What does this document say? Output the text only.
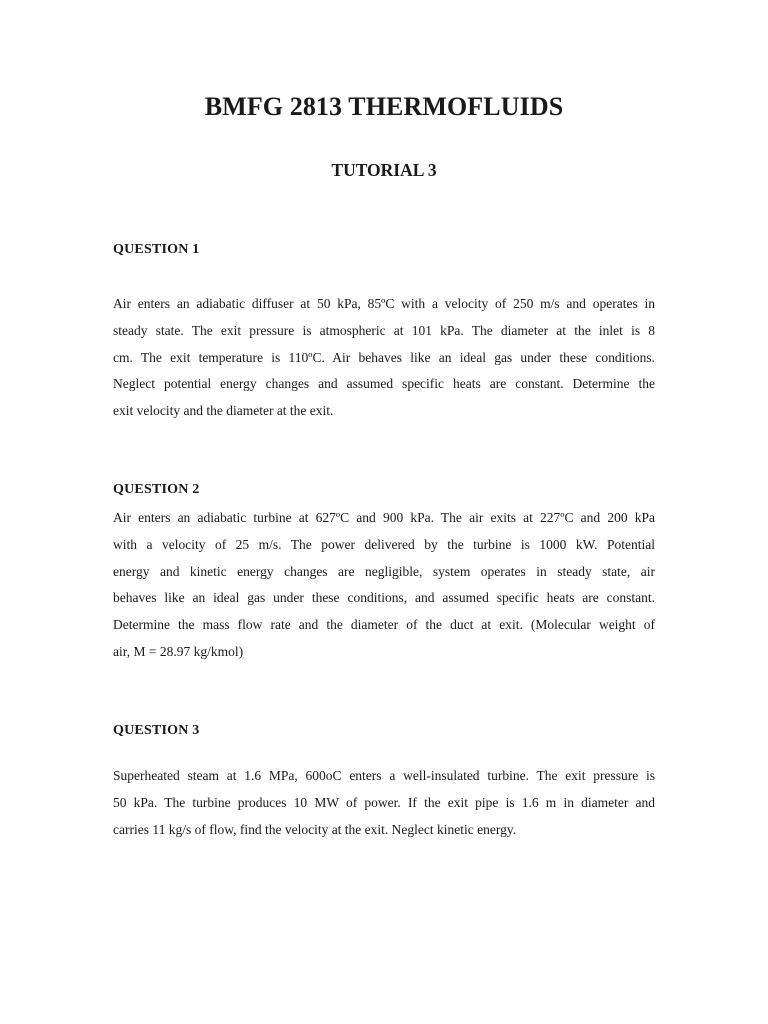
BMFG 2813 THERMOFLUIDS
TUTORIAL 3
QUESTION 1

Air enters an adiabatic diffuser at 50 kPa, 85ºC with a velocity of 250 m/s and operates in
steady state. The exit pressure is atmospheric at 101 kPa. The diameter at the inlet is 8
cm. The exit temperature is 110ºC. Air behaves like an ideal gas under these conditions.
Neglect potential energy changes and assumed specific heats are constant. Determine the
exit velocity and the diameter at the exit.

QUESTION 2

Air enters an adiabatic turbine at 627ºC and 900 kPa. The air exits at 227ºC and 200 kPa
with a velocity of 25 m/s. The power delivered by the turbine is 1000 kW. Potential
energy and kinetic energy changes are negligible, system operates in steady state, air
behaves like an ideal gas under these conditions, and assumed specific heats are constant.
Determine the mass flow rate and the diameter of the duct at exit. (Molecular weight of
air, M = 28.97 kg/kmol)

QUESTION 3

Superheated steam at 1.6 MPa, 600oC enters a well-insulated turbine. The exit pressure is
50 kPa. The turbine produces 10 MW of power. If the exit pipe is 1.6 m in diameter and
carries 11 kg/s of flow, find the velocity at the exit. Neglect kinetic energy.
